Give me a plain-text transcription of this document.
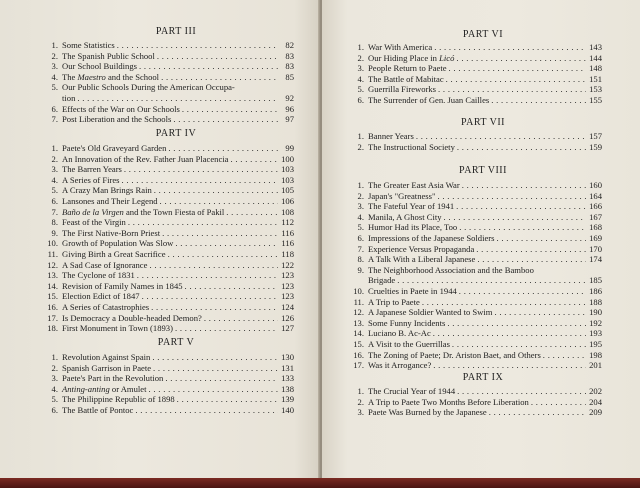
PART III
1. Some Statistics . . .	82
2. The Spanish Public School . . .	83
3. Our School Buildings . . .	83
4. The Maestro and the School . . .	85
5. Our Public Schools During the American Occupa-
tion . . .	92
6. Effects of the War on Our Schools . . .	96
7. Post Liberation and the Schools . . .	97
PART IV
1. Paete's Old Graveyard Garden . . .	99
2. An Innovation of the Rev. Father Juan Placencia . . .	100
3. The Barren Years . . .	103
4. A Series of Fires . . .	103
5. A Crazy Man Brings Rain . . .	105
6. Lansones and Their Legend . . .	106
7. Baño de la Virgen and the Town Fiesta of Pakil . . .	108
8. Feast of the Virgin . . .	112
9. The First Native-Born Priest . . .	116
10. Growth of Population Was Slow . . .	116
11. Giving Birth a Great Sacrifice . . .	118
12. A Sad Case of Ignorance . . .	122
13. The Cyclone of 1831 . . .	123
14. Revision of Family Names in 1845 . . .	123
15. Election Edict of 1847 . . .	123
16. A Series of Catastrophies . . .	124
17. Is Democracy a Double-headed Demon? . . .	126
18. First Monument in Town (1893) . . .	127
PART V
1. Revolution Against Spain . . .	130
2. Spanish Garrison in Paete . . .	131
3. Paete's Part in the Revolution . . .	133
4. Anting-anting or Amulet . . .	138
5. The Philippine Republic of 1898 . . .	139
6. The Battle of Pontoc . . .	140
PART VI
1. War With America . . .	143
2. Our Hiding Place in Licó . . .	144
3. People Return to Paete . . .	148
4. The Battle of Mabitac . . .	151
5. Guerrilla Fireworks . . .	153
6. The Surrender of Gen. Juan Cailles . . .	155
PART VII
1. Banner Years . . .	157
2. The Instructional Society . . .	159
PART VIII
1. The Greater East Asia War . . .	160
2. Japan's "Greatness" . . .	164
3. The Fateful Year of 1941 . . .	166
4. Manila, A Ghost City . . .	167
5. Humor Had its Place, Too . . .	168
6. Impressions of the Japanese Soldiers . . .	169
7. Experience Versus Propaganda . . .	170
8. A Talk With a Liberal Japanese . . .	174
9. The Neighborhood Association and the Bamboo
Brigade . . .	185
10. Cruelties in Paete in 1944 . . .	186
11. A Trip to Paete . . .	188
12. A Japanese Soldier Wanted to Swim . . .	190
13. Some Funny Incidents . . .	192
14. Luciano B. Ac-Ac . . .	193
15. A Visit to the Guerrillas . . .	195
16. The Zoning of Paete; Dr. Ariston Baet, and Others . . .	198
17. Was it Arrogance? . . .	201
PART IX
1. The Crucial Year of 1944 . . .	202
2. A Trip to Paete Two Months Before Liberation . . .	204
3. Paete Was Burned by the Japanese . . .	209
